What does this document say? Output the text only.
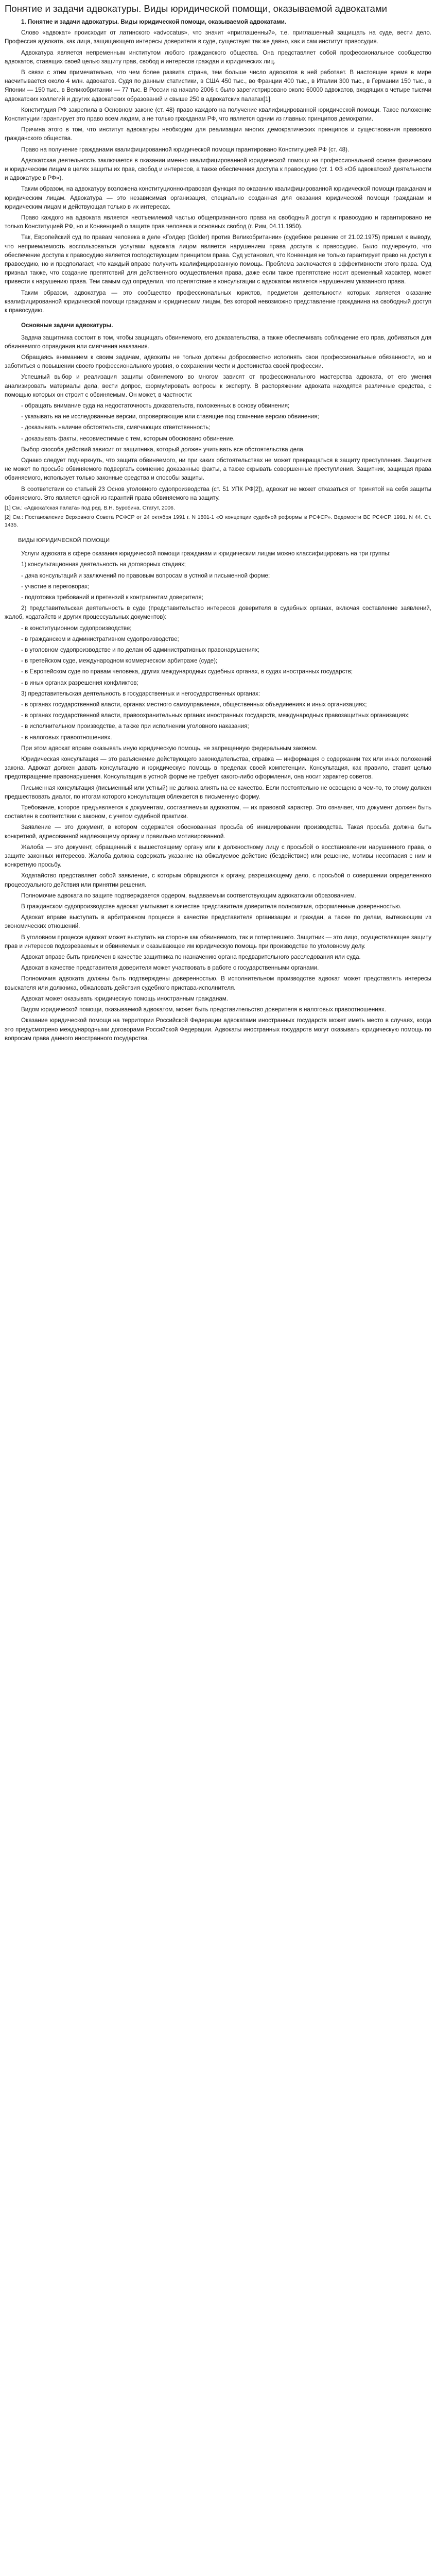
Понятие и задачи адвокатуры. Виды юридической помощи, оказываемой адвокатами

1. Понятие и задачи адвокатуры. Виды юридической помощи, оказываемой адвокатами.

Слово «адвокат» происходит от латинского «advocatus», что значит «приглашенный», т.е. приглашенный защищать на суде, вести дело. Профессия адвоката, как лица, защищающего интересы доверителя в суде, существует так же давно, как и сам институт правосудия.

Адвокатура является непременным институтом любого гражданского общества. Она представляет собой профессиональное сообщество адвокатов, ставящих своей целью защиту прав, свобод и интересов граждан и юридических лиц.

В связи с этим примечательно, что чем более развита страна, тем больше число адвокатов в ней работает. В настоящее время в мире насчитывается около 4 млн. адвокатов. Судя по данным статистики, в США 450 тыс., во Франции 400 тыс., в Италии 300 тыс., в Германии 150 тыс., в Японии — 150 тыс., в Великобритании — 77 тыс. В России на начало 2006 г. было зарегистрировано около 60000 адвокатов, входящих в четыре тысячи адвокатских коллегий и других адвокатских образований и свыше 250 в адвокатских палатах[1].

Конституция РФ закрепила в Основном законе (ст. 48) право каждого на получение квалифицированной юридической помощи. Такое положение Конституции гарантирует это право всем людям, а не только гражданам РФ, что является одним из главных принципов демократии.

Причина этого в том, что институт адвокатуры необходим для реализации многих демократических принципов и существования правового гражданского общества.

Право на получение гражданами квалифицированной юридической помощи гарантировано Конституцией РФ (ст. 48).

Адвокатская деятельность заключается в оказании именно квалифицированной юридической помощи на профессиональной основе физическим и юридическим лицам в целях защиты их прав, свобод и интересов, а также обеспечения доступа к правосудию (ст. 1 ФЗ «Об адвокатской деятельности и адвокатуре в РФ»).

Таким образом, на адвокатуру возложена конституционно-правовая функция по оказанию квалифицированной юридической помощи гражданам и юридическим лицам. Адвокатура — это независимая организация, специально созданная для оказания юридической помощи гражданам и юридическим лицам и действующая только в их интересах.

Право каждого на адвоката является неотъемлемой частью общепризнанного права на свободный доступ к правосудию и гарантировано не только Конституцией РФ, но и Конвенцией о защите прав человека и основных свобод (г. Рим, 04.11.1950).

Так, Европейский суд по правам человека в деле «Голдер (Golder) против Великобритании» (судебное решение от 21.02.1975) пришел к выводу, что неприемлемость воспользоваться услугами адвоката лицом является нарушением права доступа к правосудию. Было подчеркнуто, что обеспечение доступа к правосудию является господствующим принципом права. Суд установил, что Конвенция не только гарантирует право на доступ к правосудию, но и предполагает, что каждый вправе получить квалифицированную помощь. Проблема заключается в эффективности этого права. Суд признал также, что создание препятствий для действенного осуществления права, даже если такое препятствие носит временный характер, может привести к нарушению права. Тем самым суд определил, что препятствие в консультации с адвокатом является нарушением указанного права.

Таким образом, адвокатура — это сообщество профессиональных юристов, предметом деятельности которых является оказание квалифицированной юридической помощи гражданам и юридическим лицам, без которой невозможно представление гражданина на свободный доступ к правосудию.

Основные задачи адвокатуры.

Задача защитника состоит в том, чтобы защищать обвиняемого, его доказательства, а также обеспечивать соблюдение его прав, добиваться для обвиняемого оправдания или смягчения наказания.

Обращаясь вниманием к своим задачам, адвокаты не только должны добросовестно исполнять свои профессиональные обязанности, но и заботиться о повышении своего профессионального уровня, о сохранении чести и достоинства своей профессии.

Успешный выбор и реализация защиты обвиняемого во многом зависят от профессионального мастерства адвоката, от его умения анализировать материалы дела, вести допрос, формулировать вопросы к эксперту. В распоряжении адвоката находятся различные средства, с помощью которых он строит с обвиняемым. Он может, в частности:

- обращать внимание суда на недостаточность доказательств, положенных в основу обвинения;

- указывать на не исследованные версии, опровергающие или ставящие под сомнение версию обвинения;

- доказывать наличие обстоятельств, смягчающих ответственность;

- доказывать факты, несовместимые с тем, которым обосновано обвинение.

Выбор способа действий зависит от защитника, который должен учитывать все обстоятельства дела.

Однако следует подчеркнуть, что защита обвиняемого, ни при каких обстоятельствах не может превращаться в защиту преступления. Защитник не может по просьбе обвиняемого подвергать сомнению доказанные факты, а также скрывать совершенные преступления. Защитник, защищая права обвиняемого, использует только законные средства и способы защиты.

В соответствии со статьей 23 Основ уголовного судопроизводства (ст. 51 УПК РФ[2]), адвокат не может отказаться от принятой на себя защиты обвиняемого. Это является одной из гарантий права обвиняемого на защиту.

[1] См.: «Адвокатская палата» под ред. В.Н. Буробина. Статут, 2006.

[2] См.: Постановление Верховного Совета РСФСР от 24 октября 1991 г. N 1801-1 «О концепции судебной реформы в РСФСР». Ведомости ВС РСФСР. 1991. N 44. Ст. 1435.

ВИДЫ ЮРИДИЧЕСКОЙ ПОМОЩИ

Услуги адвоката в сфере оказания юридической помощи гражданам и юридическим лицам можно классифицировать на три группы:

1) консультационная деятельность на договорных стадиях;

- дача консультаций и заключений по правовым вопросам в устной и письменной форме;

- участие в переговорах;

- подготовка требований и претензий к контрагентам доверителя;

2) представительская деятельность в суде (представительство интересов доверителя в судебных органах, включая составление заявлений, жалоб, ходатайств и других процессуальных документов):

- в конституционном судопроизводстве;

- в гражданском и административном судопроизводстве;

- в уголовном судопроизводстве и по делам об административных правонарушениях;

- в третейском суде, международном коммерческом арбитраже (суде);

- в Европейском суде по правам человека, других международных судебных органах, в судах иностранных государств;

- в иных органах разрешения конфликтов;

3) представительская деятельность в государственных и негосударственных органах:

- в органах государственной власти, органах местного самоуправления, общественных объединениях и иных организациях;

- в органах государственной власти, правоохранительных органах иностранных государств, международных правозащитных организациях;

- в исполнительном производстве, а также при исполнении уголовного наказания;

- в налоговых правоотношениях.

При этом адвокат вправе оказывать иную юридическую помощь, не запрещенную федеральным законом.

Юридическая консультация — это разъяснение действующего законодательства, справка — информация о содержании тех или иных положений закона. Адвокат должен давать консультацию и юридическую помощь в пределах своей компетенции. Консультация, как правило, ставит целью предотвращение правонарушения. Консультация в устной форме не требует какого-либо оформления, она носит характер советов.

Письменная консультация (письменный или устный) не должна влиять на ее качество. Если постоятельно не освещено в чем-то, то этому должен предшествовать диалог, по итогам которого консультация облекается в письменную форму.

Требование, которое предъявляется к документам, составляемым адвокатом, — их правовой характер. Это означает, что документ должен быть составлен в соответствии с законом, с учетом судебной практики.

Заявление — это документ, в котором содержатся обоснованная просьба об инициировании производства. Такая просьба должна быть конкретной, адресованной надлежащему органу и правильно мотивированной.

Жалоба — это документ, обращенный к вышестоящему органу или к должностному лицу с просьбой о восстановлении нарушенного права, о защите законных интересов. Жалоба должна содержать указание на обжалуемое действие (бездействие) или решение, мотивы несогласия с ним и конкретную просьбу.

Ходатайство представляет собой заявление, с которым обращаются к органу, разрешающему дело, с просьбой о совершении определенного процессуального действия или принятии решения.

Полномочие адвоката по защите подтверждается ордером, выдаваемым соответствующим адвокатским образованием.

В гражданском судопроизводстве адвокат учитывает в качестве представителя доверителя полномочия, оформленные доверенностью.

Адвокат вправе выступать в арбитражном процессе в качестве представителя организации и граждан, а также по делам, вытекающим из экономических отношений.

В уголовном процессе адвокат может выступать на стороне как обвиняемого, так и потерпевшего. Защитник — это лицо, осуществляющее защиту прав и интересов подозреваемых и обвиняемых и оказывающее им юридическую помощь при производстве по уголовному делу.

Адвокат вправе быть привлечен в качестве защитника по назначению органа предварительного расследования или суда.

Адвокат в качестве представителя доверителя может участвовать в работе с государственными органами.

Полномочия адвоката должны быть подтверждены доверенностью. В исполнительном производстве адвокат может представлять интересы взыскателя или должника, обжаловать действия судебного пристава-исполнителя.

Адвокат может оказывать юридическую помощь иностранным гражданам.

Видом юридической помощи, оказываемой адвокатом, может быть представительство доверителя в налоговых правоотношениях.

Оказание юридической помощи на территории Российской Федерации адвокатами иностранных государств может иметь место в случаях, когда это предусмотрено международными договорами Российской Федерации. Адвокаты иностранных государств могут оказывать юридическую помощь по вопросам права данного иностранного государства.
